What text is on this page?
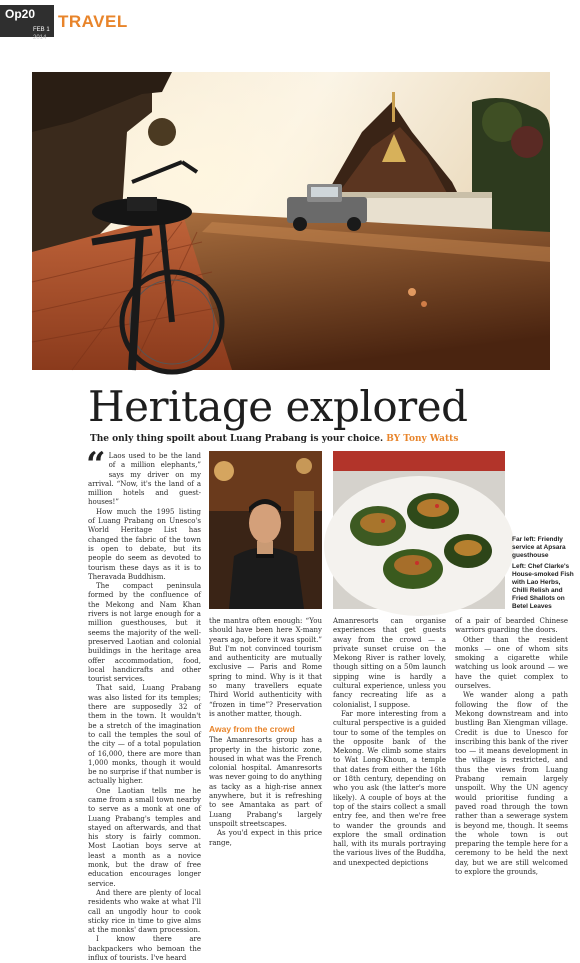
Op20
FEB 1
2014
TRAVEL
Heritage explored
The only thing spoilt about Luang Prabang is your choice. BY Tony Watts

“ Laos used to be the land of a million elephants,” says my driver on my arrival. “Now, it's the land of a million hotels and guest-houses!”

How much the 1995 listing of Luang Prabang on Unesco's World Heritage List has changed the fabric of the town is open to debate, but its people do seem as devoted to tourism these days as it is to Theravada Buddhism.

The compact peninsula formed by the confluence of the Mekong and Nam Khan rivers is not large enough for a million guesthouses, but it seems the majority of the well-preserved Laotian and colonial buildings in the heritage area offer accommodation, food, local handicrafts and other tourist services.

That said, Luang Prabang was also listed for its temples; there are supposedly 32 of them in the town. It wouldn't be a stretch of the imagination to call the temples the soul of the city — of a total population of 16,000, there are more than 1,000 monks, though it would be no surprise if that number is actually higher.

One Laotian tells me he came from a small town nearby to serve as a monk at one of Luang Prabang's temples and stayed on afterwards, and that his story is fairly common. Most Laotian boys serve at least a month as a novice monk, but the draw of free education encourages longer service.

And there are plenty of local residents who wake at what I'll call an ungodly hour to cook sticky rice in time to give alms at the monks' dawn procession.

I know there are backpackers who bemoan the influx of tourists. I've heard

Far left: Friendly service at Apsara guesthouse
Left: Chef Clarke's House-smoked Fish with Lao Herbs, Chilli Relish and Fried Shallots on Betel Leaves

the mantra often enough: “You should have been here X-many years ago, before it was spoilt.” But I'm not convinced tourism and authenticity are mutually exclusive — Paris and Rome spring to mind. Why is it that so many travellers equate Third World authenticity with “frozen in time”? Preservation is another matter, though.

Away from the crowd

The Amanresorts group has a property in the historic zone, housed in what was the French colonial hospital. Amanresorts was never going to do anything as tacky as a high-rise annex anywhere, but it is refreshing to see Amantaka as part of Luang Prabang's largely unspoilt streetscapes.

As you'd expect in this price range,

Amanresorts can organise experiences that get guests away from the crowd — a private sunset cruise on the Mekong River is rather lovely, though sitting on a 50m launch sipping wine is hardly a cultural experience, unless you fancy recreating life as a colonialist, I suppose.

Far more interesting from a cultural perspective is a guided tour to some of the temples on the opposite bank of the Mekong. We climb some stairs to Wat Long-Khoun, a temple that dates from either the 16th or 18th century, depending on who you ask (the latter's more likely). A couple of boys at the top of the stairs collect a small entry fee, and then we're free to wander the grounds and explore the small ordination hall, with its murals portraying the various lives of the Buddha, and unexpected depictions

of a pair of bearded Chinese warriors guarding the doors.

Other than the resident monks — one of whom sits smoking a cigarette while watching us look around — we have the quiet complex to ourselves.

We wander along a path following the flow of the Mekong downstream and into bustling Ban Xiengman village. Credit is due to Unesco for inscribing this bank of the river too — it means development in the village is restricted, and thus the views from Luang Prabang remain largely unspoilt. Why the UN agency would prioritise funding a paved road through the town rather than a sewerage system is beyond me, though. It seems the whole town is out preparing the temple here for a ceremony to be held the next day, but we are still welcomed to explore the grounds,
